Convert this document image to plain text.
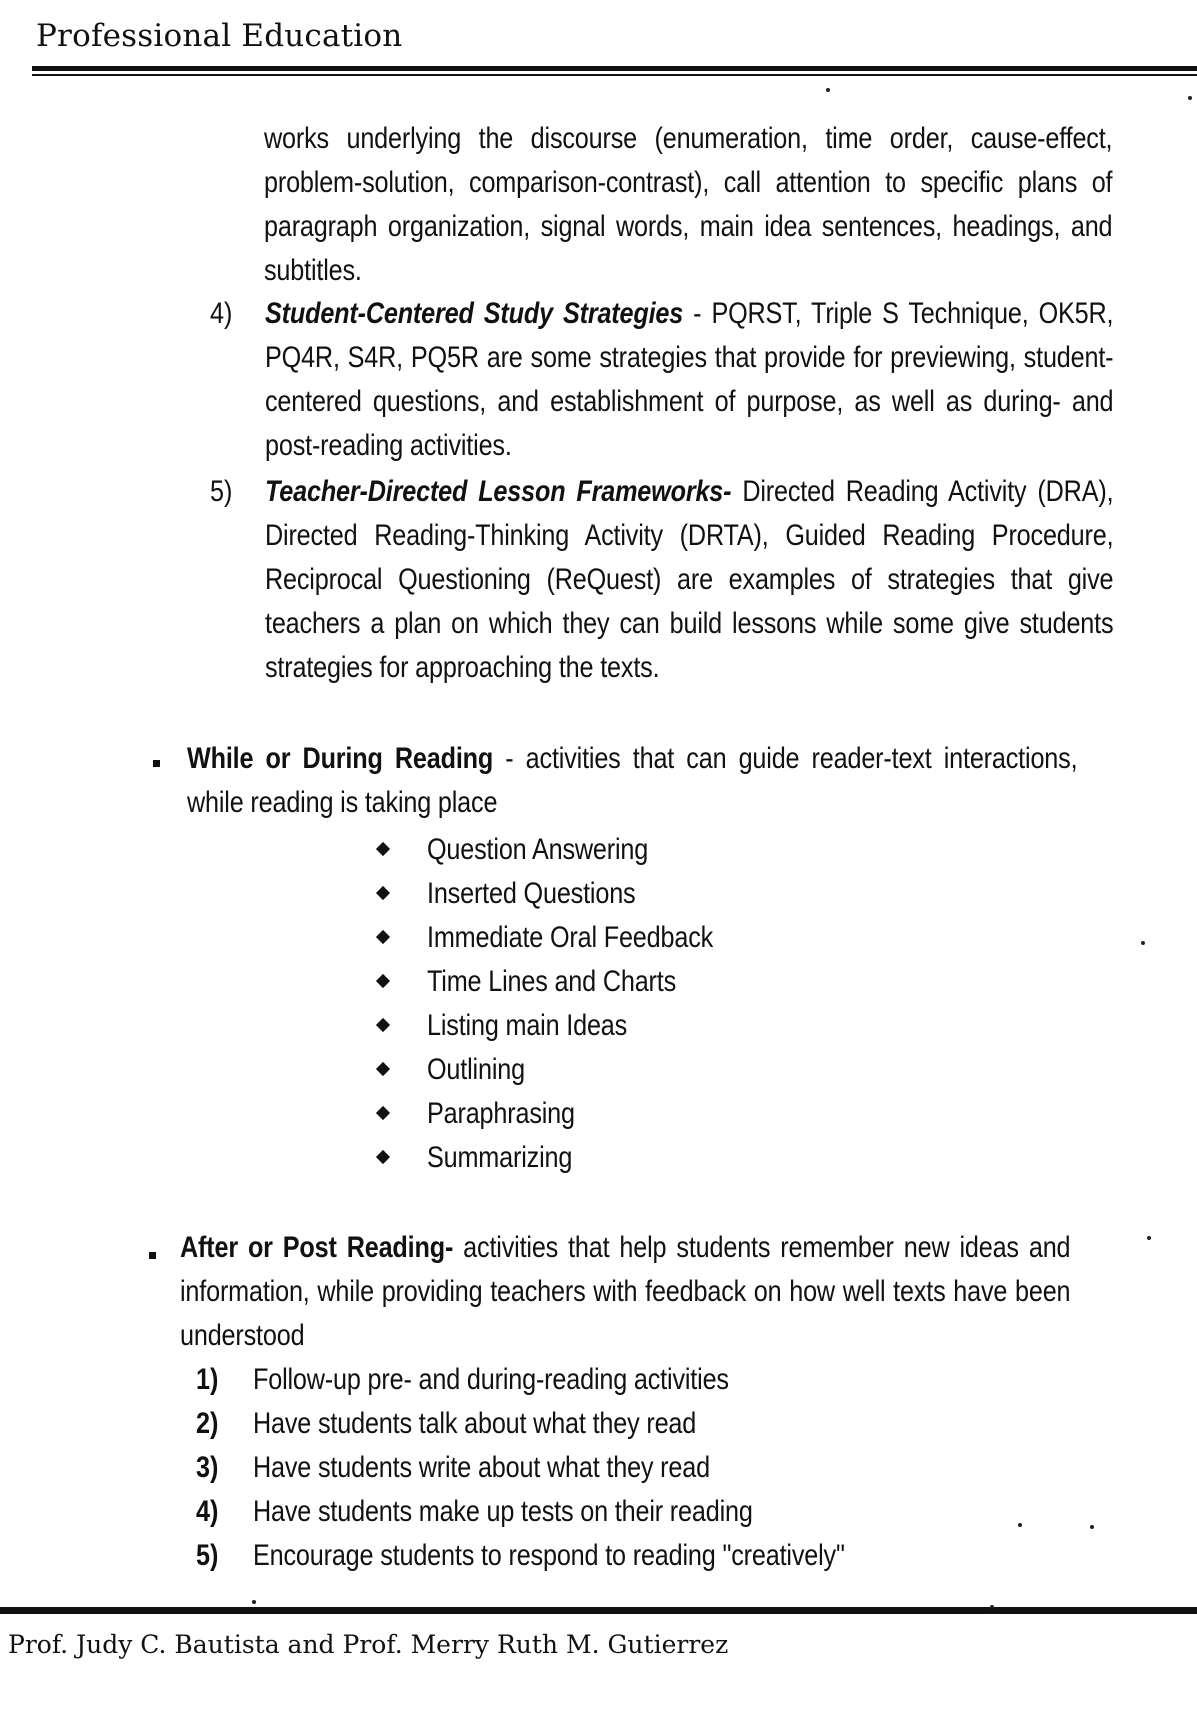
Professional Education
works underlying the discourse (enumeration, time order, cause-effect, problem-solution, comparison-contrast), call attention to specific plans of paragraph organization, signal words, main idea sentences, headings, and subtitles.
4) Student-Centered Study Strategies - PQRST, Triple S Technique, OK5R, PQ4R, S4R, PQ5R are some strategies that provide for previewing, student-centered questions, and establishment of purpose, as well as during- and post-reading activities.
5) Teacher-Directed Lesson Frameworks- Directed Reading Activity (DRA), Directed Reading-Thinking Activity (DRTA), Guided Reading Procedure, Reciprocal Questioning (ReQuest) are examples of strategies that give teachers a plan on which they can build lessons while some give students strategies for approaching the texts.
While or During Reading - activities that can guide reader-text interactions, while reading is taking place
Question Answering
Inserted Questions
Immediate Oral Feedback
Time Lines and Charts
Listing main Ideas
Outlining
Paraphrasing
Summarizing
After or Post Reading- activities that help students remember new ideas and information, while providing teachers with feedback on how well texts have been understood
1) Follow-up pre- and during-reading activities
2) Have students talk about what they read
3) Have students write about what they read
4) Have students make up tests on their reading
5) Encourage students to respond to reading "creatively"
Prof. Judy C. Bautista and Prof. Merry Ruth M. Gutierrez
